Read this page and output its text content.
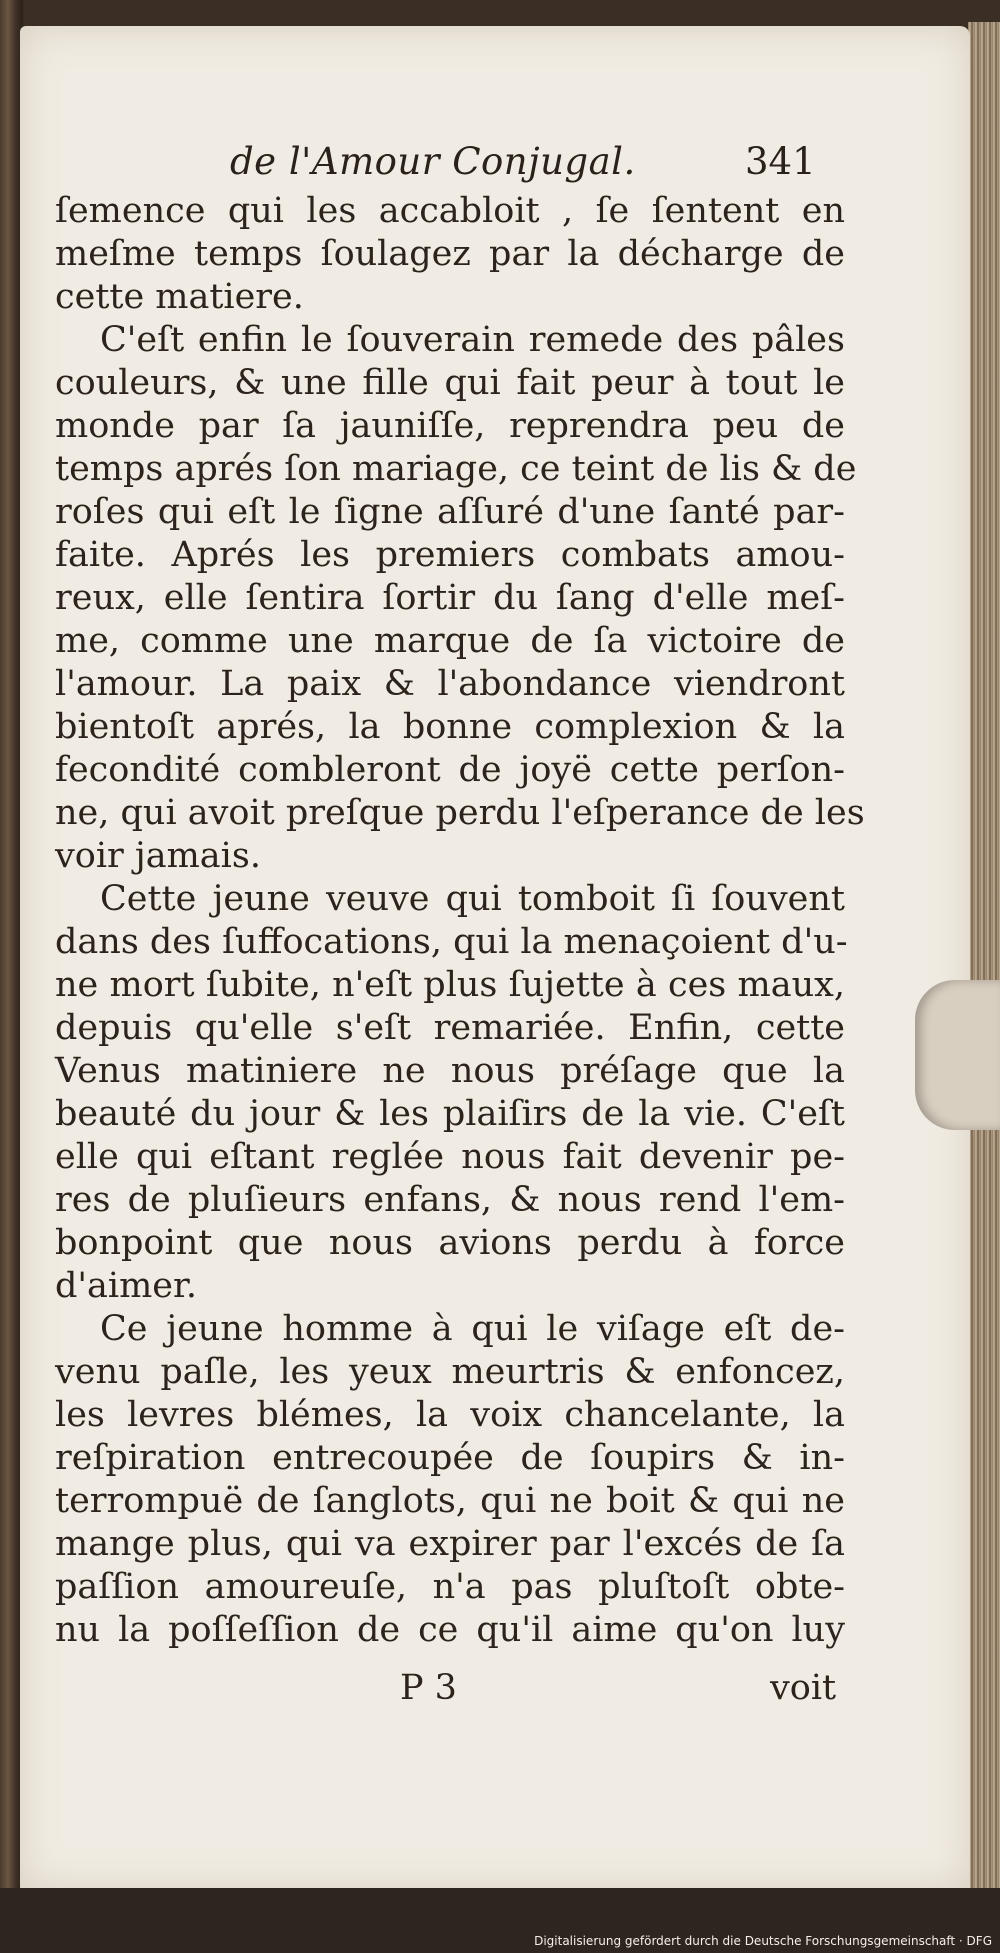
de l'Amour Conjugal.	341
ſemence qui les accabloit , ſe ſentent en
meſme temps ſoulagez par la décharge de
cette matiere.
C'eſt enfin le ſouverain remede des pâles
couleurs, & une fille qui fait peur à tout le
monde par ſa jauniſſe, reprendra peu de
temps aprés ſon mariage, ce teint de lis & de
roſes qui eſt le ſigne aſſuré d'une ſanté par-
faite. Aprés les premiers combats amou-
reux, elle ſentira ſortir du ſang d'elle meſ-
me, comme une marque de ſa victoire de
l'amour. La paix & l'abondance viendront
bientoſt aprés, la bonne complexion & la
fecondité combleront de joyë cette perſon-
ne, qui avoit preſque perdu l'eſperance de les
voir jamais.
Cette jeune veuve qui tomboit ſi ſouvent
dans des ſuffocations, qui la menaçoient d'u-
ne mort ſubite, n'eſt plus ſujette à ces maux,
depuis qu'elle s'eſt remariée. Enfin, cette
Venus matiniere ne nous préſage que la
beauté du jour & les plaiſirs de la vie. C'eſt
elle qui eſtant reglée nous fait devenir pe-
res de pluſieurs enfans, & nous rend l'em-
bonpoint que nous avions perdu à force
d'aimer.
Ce jeune homme à qui le viſage eſt de-
venu paſle, les yeux meurtris & enfoncez,
les levres blémes, la voix chancelante, la
reſpiration entrecoupée de ſoupirs & in-
terrompuë de ſanglots, qui ne boit & qui ne
mange plus, qui va expirer par l'excés de ſa
paſſion amoureuſe, n'a pas pluſtoſt obte-
nu la poſſeſſion de ce qu'il aime qu'on luy
P 3	voit
Digitalisierung gefördert durch die Deutsche Forschungsgemeinschaft · DFG
